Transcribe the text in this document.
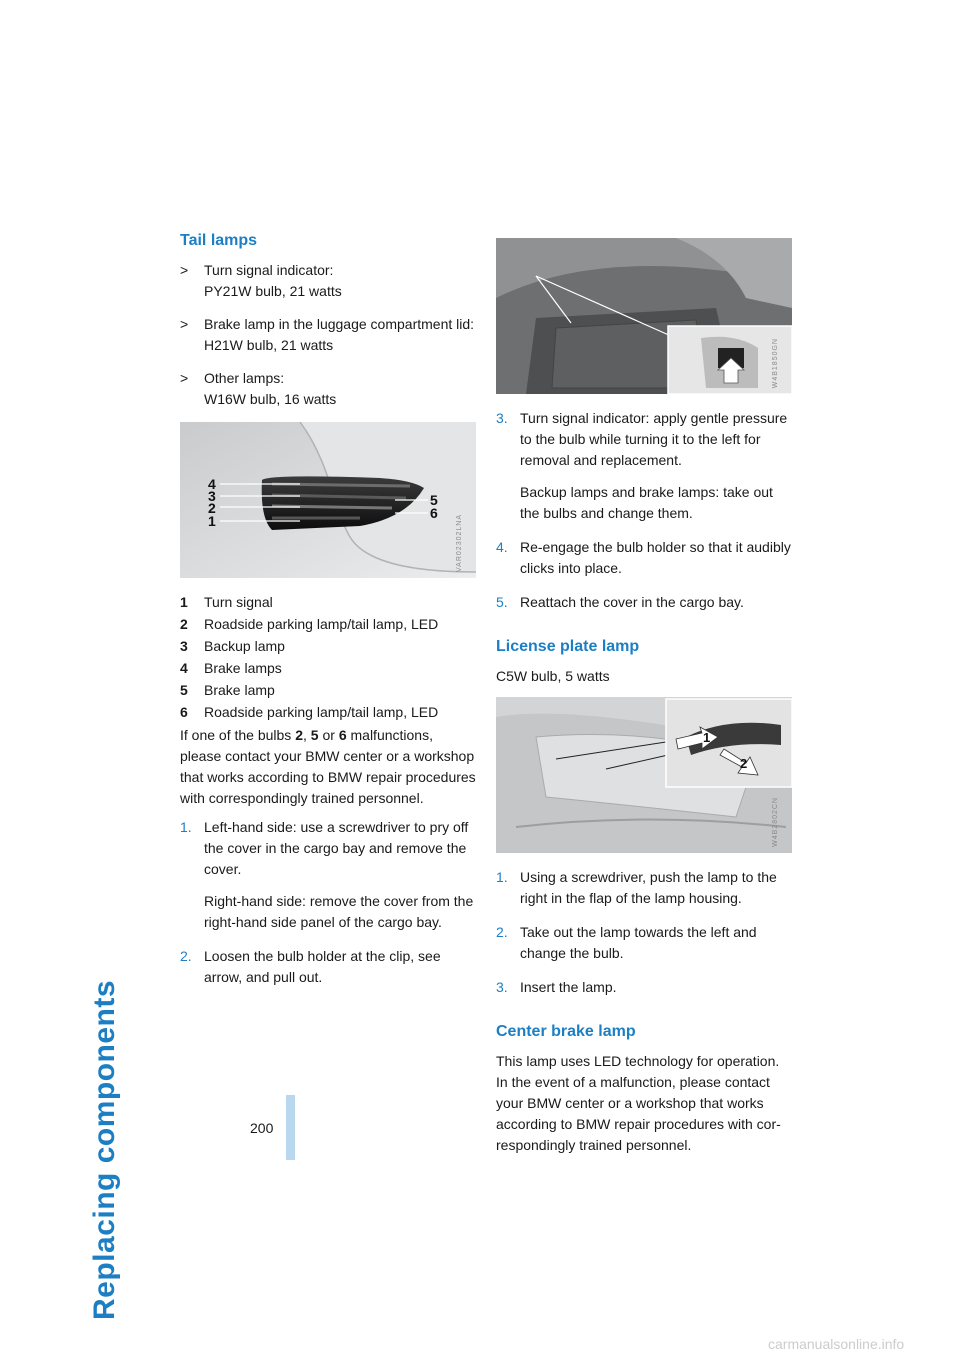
Replacing components	200
Tail lamps
>	Turn signal indicator:
PY21W bulb, 21 watts
>	Brake lamp in the luggage compartment lid:
H21W bulb, 21 watts
>	Other lamps:
W16W bulb, 16 watts
4
3
2
1
5
6
VAR02302LNA
1	Turn signal
2	Roadside parking lamp/tail lamp, LED
3	Backup lamp
4	Brake lamps
5	Brake lamp
6	Roadside parking lamp/tail lamp, LED

If one of the bulbs 2, 5 or 6 malfunctions, please contact your BMW center or a workshop that works according to BMW repair procedures with correspondingly trained personnel.

1. Left-hand side: use a screwdriver to pry off the cover in the cargo bay and remove the cover.

Right-hand side: remove the cover from the right-hand side panel of the cargo bay.

2. Loosen the bulb holder at the clip, see arrow, and pull out.

W4B1850GN
3. Turn signal indicator: apply gentle pressure to the bulb while turning it to the left for removal and replacement.

Backup lamps and brake lamps: take out the bulbs and change them.

4. Re-engage the bulb holder so that it audibly clicks into place.

5. Reattach the cover in the cargo bay.

License plate lamp

C5W bulb, 5 watts

1
2
W4B2802CN
1. Using a screwdriver, push the lamp to the right in the flap of the lamp housing.

2. Take out the lamp towards the left and change the bulb.

3. Insert the lamp.

Center brake lamp

This lamp uses LED technology for operation. In the event of a malfunction, please contact your BMW center or a workshop that works according to BMW repair procedures with cor-respondingly trained personnel.

carmanualsonline.info
